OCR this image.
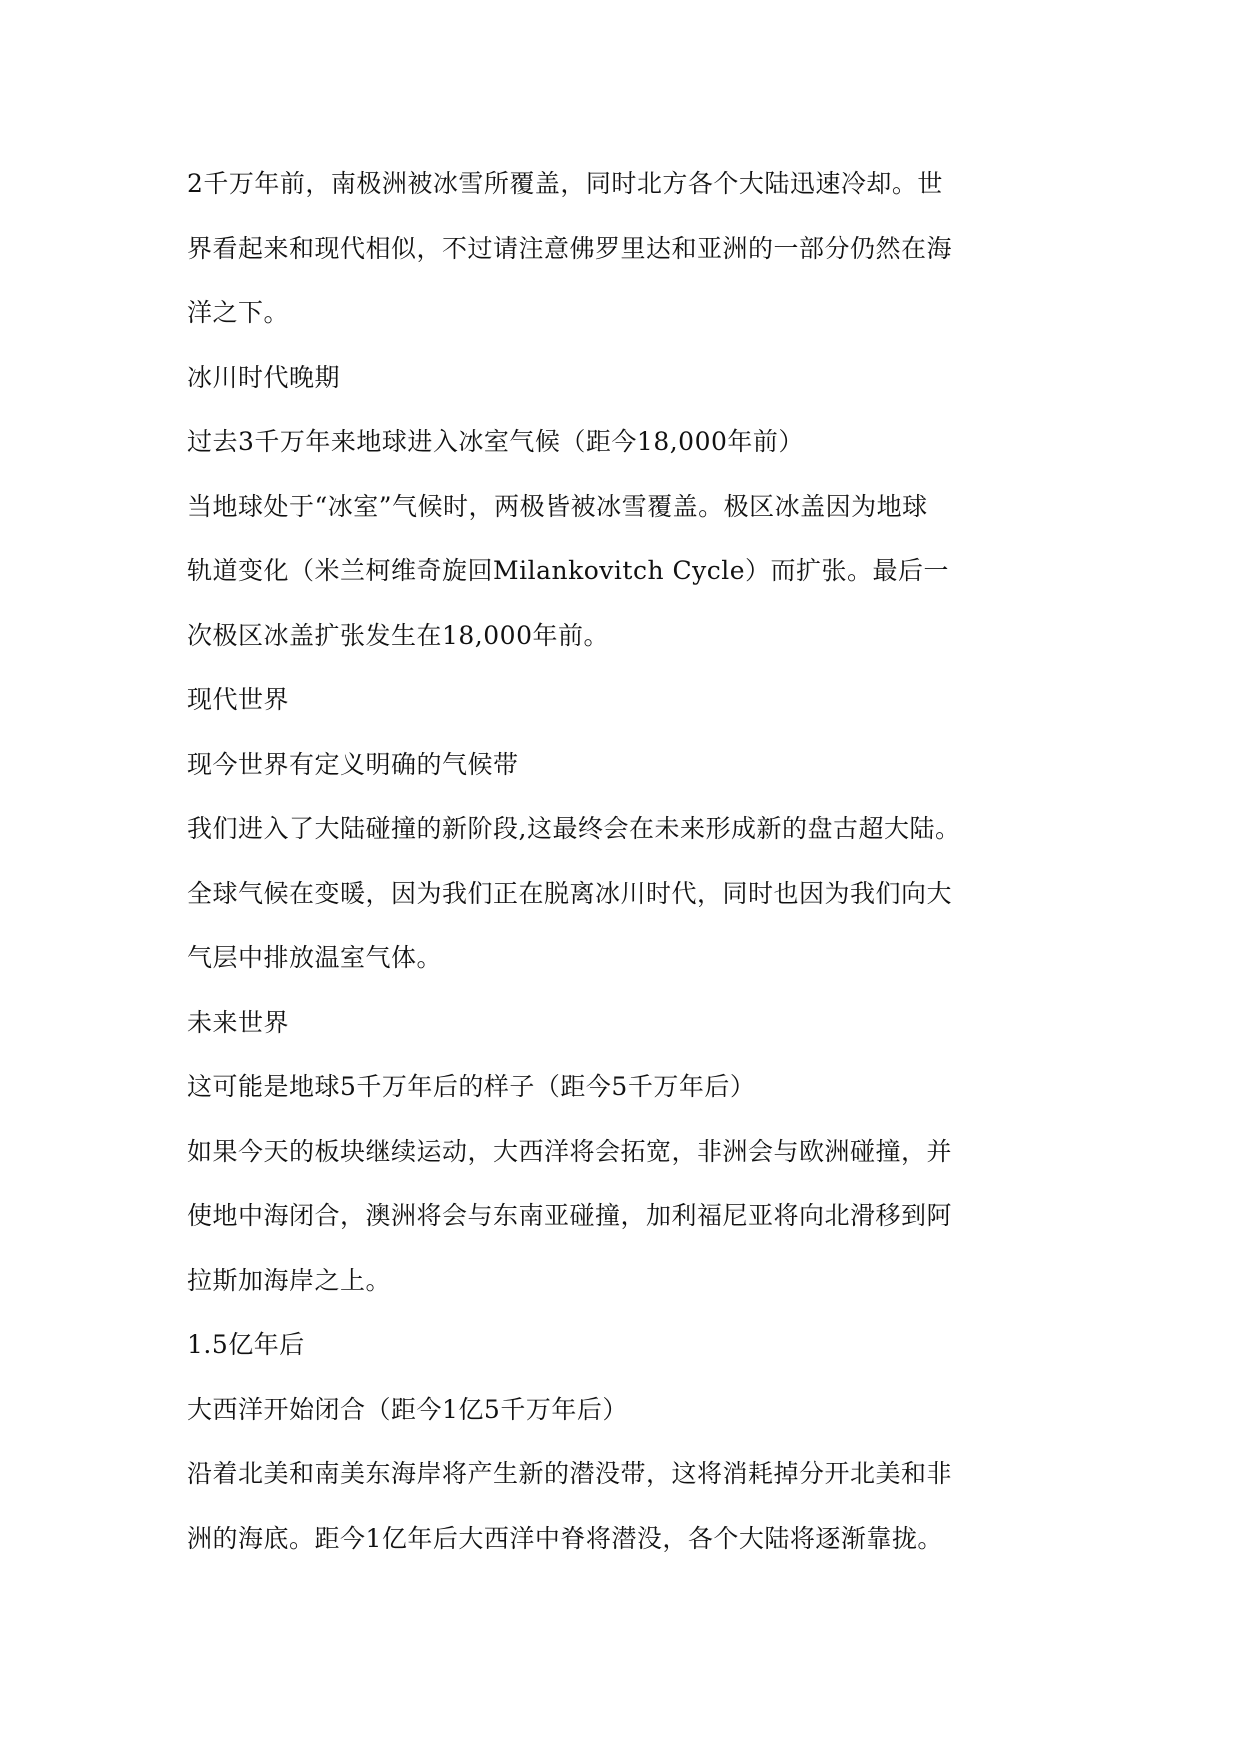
2千万年前，南极洲被冰雪所覆盖，同时北方各个大陆迅速冷却。世

界看起来和现代相似，不过请注意佛罗里达和亚洲的一部分仍然在海

洋之下。

冰川时代晚期

过去3千万年来地球进入冰室气候（距今18,000年前）

当地球处于“冰室”气候时，两极皆被冰雪覆盖。极区冰盖因为地球

轨道变化（米兰柯维奇旋回Milankovitch Cycle）而扩张。最后一

次极区冰盖扩张发生在18,000年前。

现代世界

现今世界有定义明确的气候带

我们进入了大陆碰撞的新阶段,这最终会在未来形成新的盘古超大陆。

全球气候在变暖，因为我们正在脱离冰川时代，同时也因为我们向大

气层中排放温室气体。

未来世界

这可能是地球5千万年后的样子（距今5千万年后）

如果今天的板块继续运动，大西洋将会拓宽，非洲会与欧洲碰撞，并

使地中海闭合，澳洲将会与东南亚碰撞，加利福尼亚将向北滑移到阿

拉斯加海岸之上。

1.5亿年后

大西洋开始闭合（距今1亿5千万年后）

沿着北美和南美东海岸将产生新的潜没带，这将消耗掉分开北美和非

洲的海底。距今1亿年后大西洋中脊将潜没，各个大陆将逐渐靠拢。
